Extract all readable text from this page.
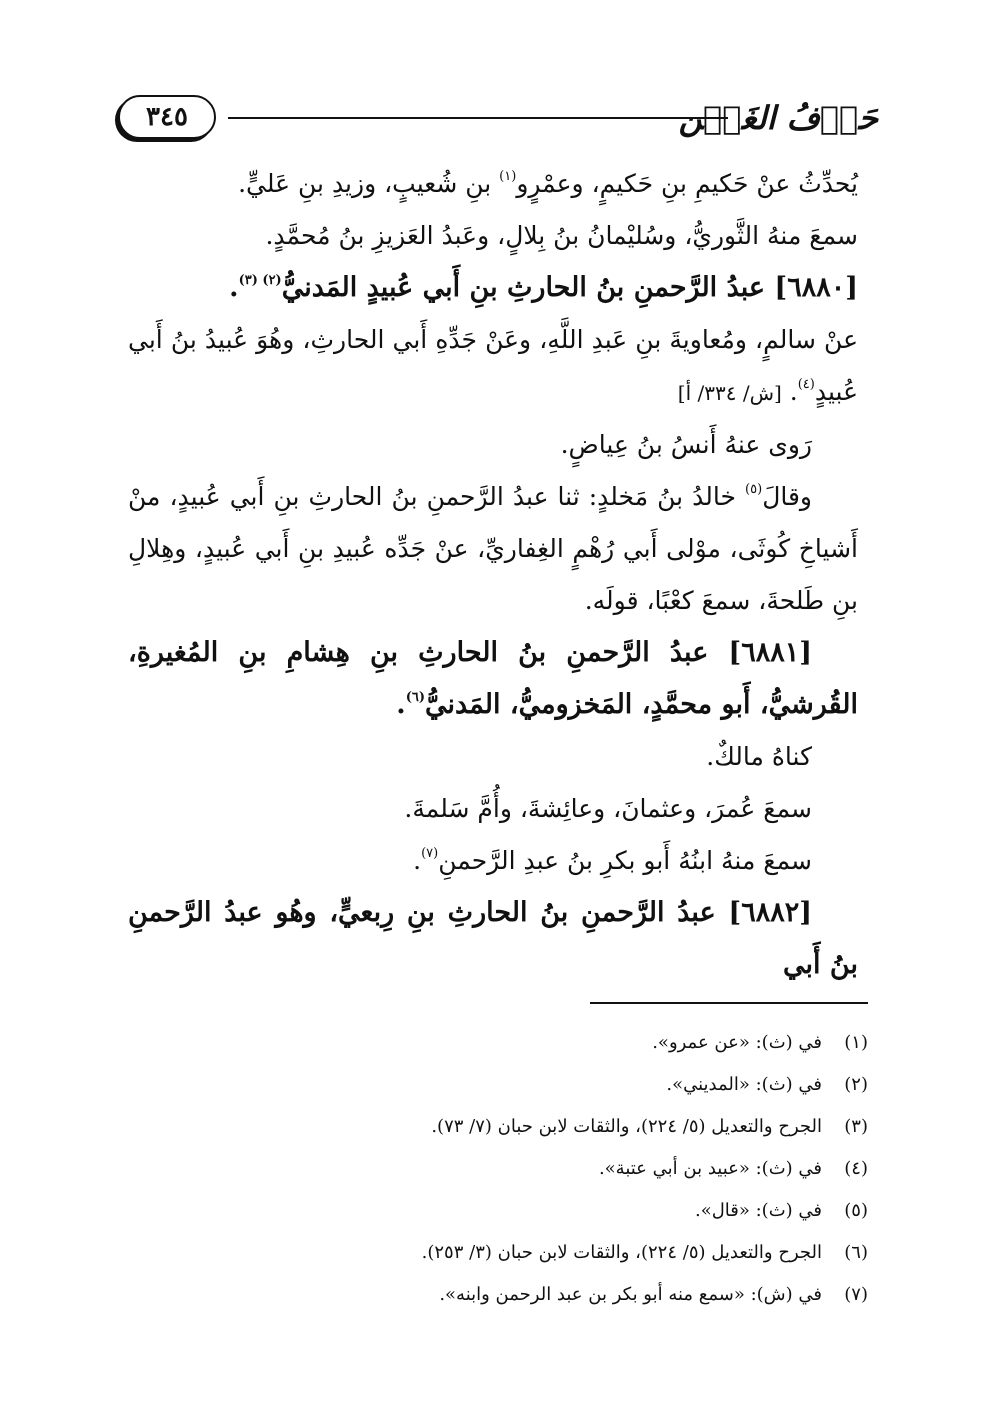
حَرۡفُ الغَيۡن
٣٤٥

يُحدِّثُ عنْ حَكيمِ بنِ حَكيمٍ، وعمْرٍو$^{(١)}$ بنِ شُعيبٍ، وزيدِ بنِ عَليٍّ.

سمعَ منهُ الثَّوريُّ، وسُليْمانُ بنُ بِلالٍ، وعَبدُ العَزيزِ بنُ مُحمَّدٍ.

[٦٨٨٠] عبدُ الرَّحمنِ بنُ الحارثِ بنِ أَبي عُبيدٍ المَدنيُّ$^{(٢)}$ $^{(٣)}$.

عنْ سالمٍ، ومُعاويةَ بنِ عَبدِ اللَّهِ، وعَنْ جَدِّهِ أَبي الحارثِ، وهُوَ عُبيدُ بنُ أَبي عُبيدٍ$^{(٤)}$. [ش/ ٣٣٤/ أ]

رَوى عنهُ أَنسُ بنُ عِياضٍ.

وقالَ$^{(٥)}$ خالدُ بنُ مَخلدٍ: ثنا عبدُ الرَّحمنِ بنُ الحارثِ بنِ أَبي عُبيدٍ، منْ أَشياخِ كُوثَى، موْلى أَبي رُهْمٍ الغِفاريِّ، عنْ جَدِّه عُبيدِ بنِ أَبي عُبيدٍ، وهِلالِ بنِ طَلحةَ، سمعَ كعْبًا، قولَه.

[٦٨٨١] عبدُ الرَّحمنِ بنُ الحارثِ بنِ هِشامِ بنِ المُغيرةِ، القُرشيُّ، أَبو محمَّدٍ، المَخزوميُّ، المَدنيُّ$^{(٦)}$.

كناهُ مالكٌ.

سمعَ عُمرَ، وعثمانَ، وعائِشةَ، وأُمَّ سَلمةَ.

سمعَ منهُ ابنُهُ أَبو بكرِ بنُ عبدِ الرَّحمنِ$^{(٧)}$.

[٦٨٨٢] عبدُ الرَّحمنِ بنُ الحارثِ بنِ رِبعيٍّ، وهُو عبدُ الرَّحمنِ بنُ أَبي

(١)
في (ث): «عن عمرو».
(٢)
في (ث): «المديني».
(٣)
الجرح والتعديل (٥/ ٢٢٤)، والثقات لابن حبان (٧/ ٧٣).
(٤)
في (ث): «عبيد بن أبي عتبة».
(٥)
في (ث): «قال».
(٦)
الجرح والتعديل (٥/ ٢٢٤)، والثقات لابن حبان (٣/ ٢٥٣).
(٧)
في (ش): «سمع منه أبو بكر بن عبد الرحمن وابنه».
